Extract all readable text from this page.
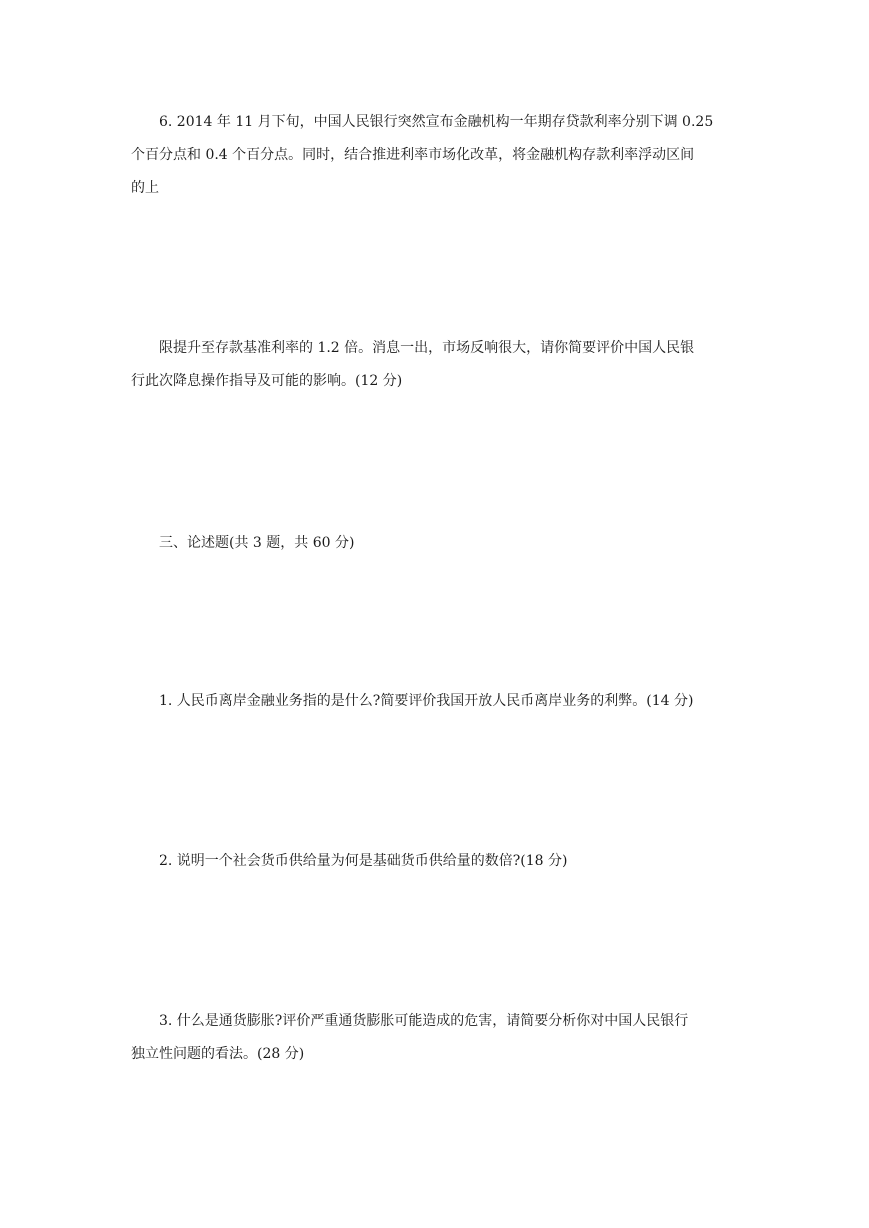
6. 2014 年 11 月下旬，中国人民银行突然宣布金融机构一年期存贷款利率分别下调 0.25
个百分点和 0.4 个百分点。同时，结合推进利率市场化改革，将金融机构存款利率浮动区间
的上

限提升至存款基准利率的 1.2 倍。消息一出，市场反响很大，请你简要评价中国人民银
行此次降息操作指导及可能的影响。(12 分)

三、论述题(共 3 题，共 60 分)

1. 人民币离岸金融业务指的是什么?简要评价我国开放人民币离岸业务的利弊。(14 分)

2. 说明一个社会货币供给量为何是基础货币供给量的数倍?(18 分)

3. 什么是通货膨胀?评价严重通货膨胀可能造成的危害，请简要分析你对中国人民银行
独立性问题的看法。(28 分)
